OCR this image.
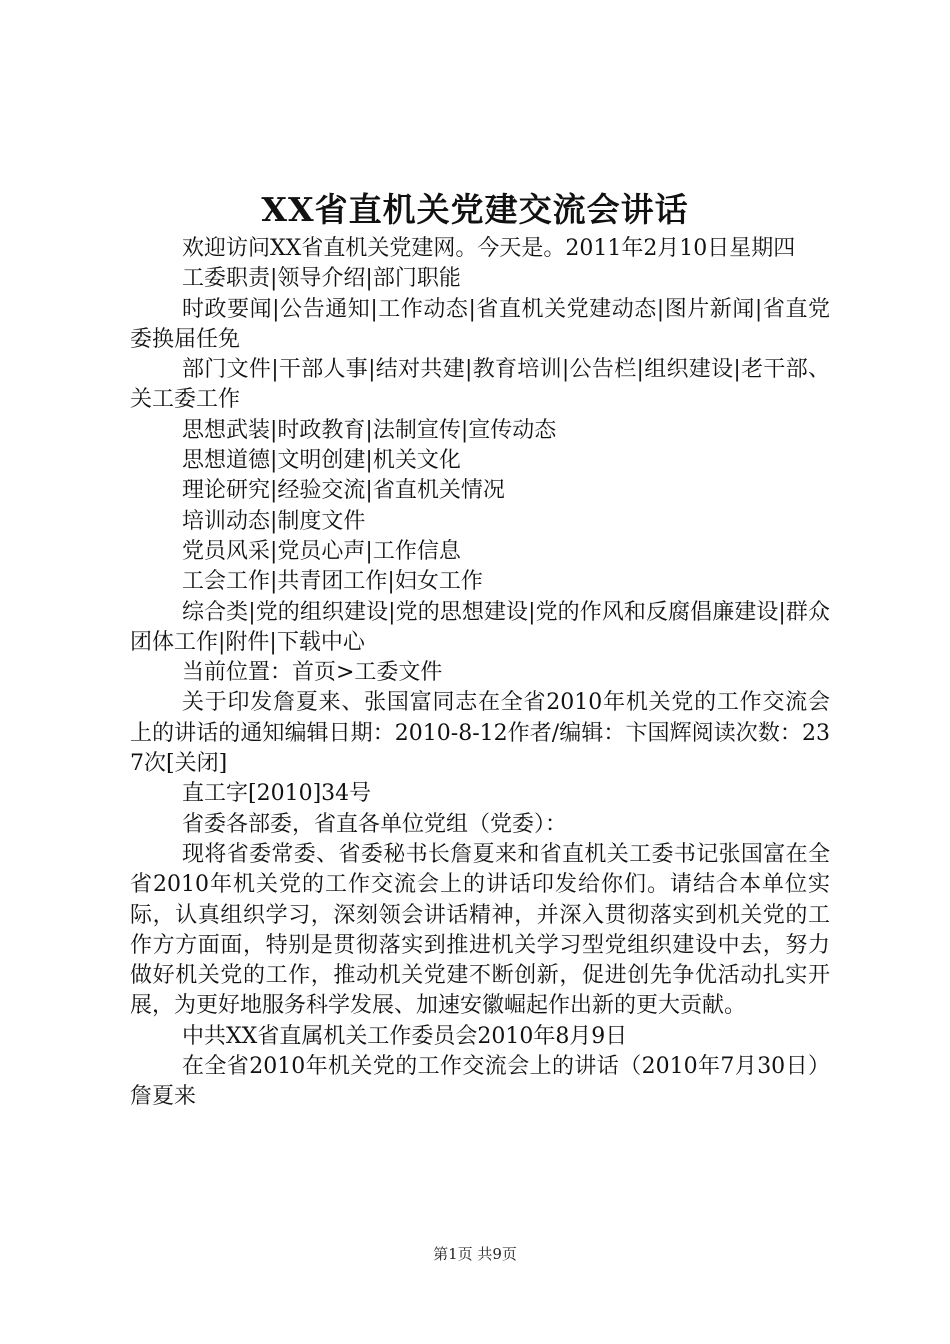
XX省直机关党建交流会讲话

欢迎访问XX省直机关党建网。今天是。2011年2月10日星期四

工委职责|领导介绍|部门职能

时政要闻|公告通知|工作动态|省直机关党建动态|图片新闻|省直党委换届任免

部门文件|干部人事|结对共建|教育培训|公告栏|组织建设|老干部、关工委工作

思想武装|时政教育|法制宣传|宣传动态

思想道德|文明创建|机关文化

理论研究|经验交流|省直机关情况

培训动态|制度文件

党员风采|党员心声|工作信息

工会工作|共青团工作|妇女工作

综合类|党的组织建设|党的思想建设|党的作风和反腐倡廉建设|群众团体工作|附件|下载中心

当前位置：首页>工委文件

关于印发詹夏来、张国富同志在全省2010年机关党的工作交流会上的讲话的通知编辑日期：2010-8-12作者/编辑：卞国辉阅读次数：237次[关闭]

直工字[2010]34号

省委各部委，省直各单位党组（党委）：

现将省委常委、省委秘书长詹夏来和省直机关工委书记张国富在全省2010年机关党的工作交流会上的讲话印发给你们。请结合本单位实际，认真组织学习，深刻领会讲话精神，并深入贯彻落实到机关党的工作方方面面，特别是贯彻落实到推进机关学习型党组织建设中去，努力做好机关党的工作，推动机关党建不断创新，促进创先争优活动扎实开展，为更好地服务科学发展、加速安徽崛起作出新的更大贡献。

中共XX省直属机关工作委员会2010年8月9日

在全省2010年机关党的工作交流会上的讲话（2010年7月30日）詹夏来

第1页 共9页
